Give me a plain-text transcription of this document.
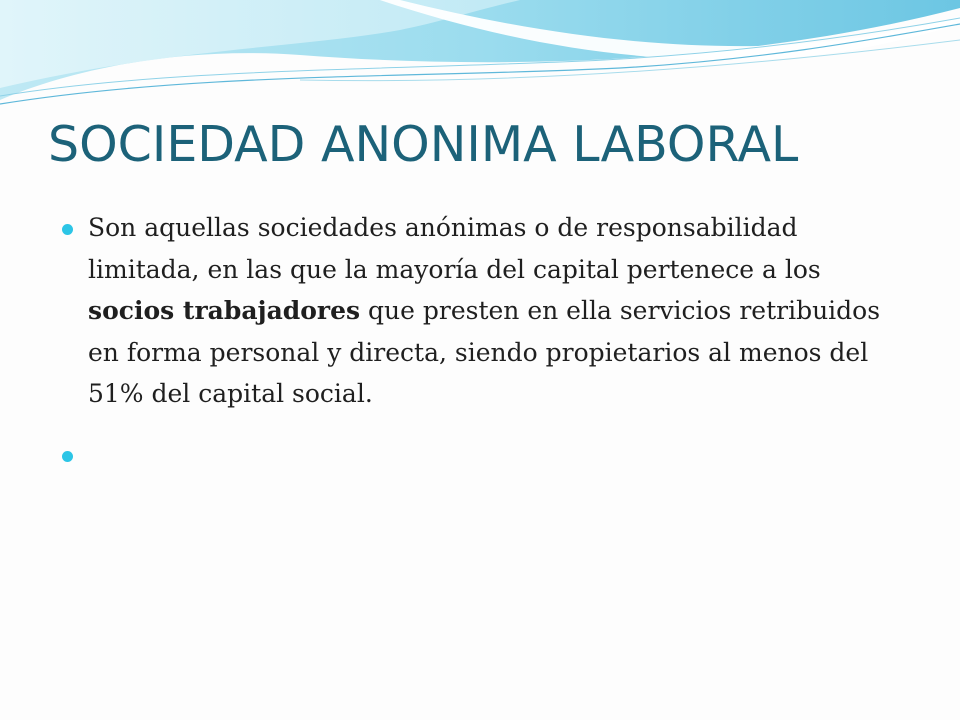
SOCIEDAD ANONIMA LABORAL
Son aquellas sociedades anónimas o de responsabilidad limitada, en las que la mayoría del capital pertenece a los socios trabajadores que presten en ella servicios retribuidos en forma personal y directa, siendo propietarios al menos del 51% del capital social.
